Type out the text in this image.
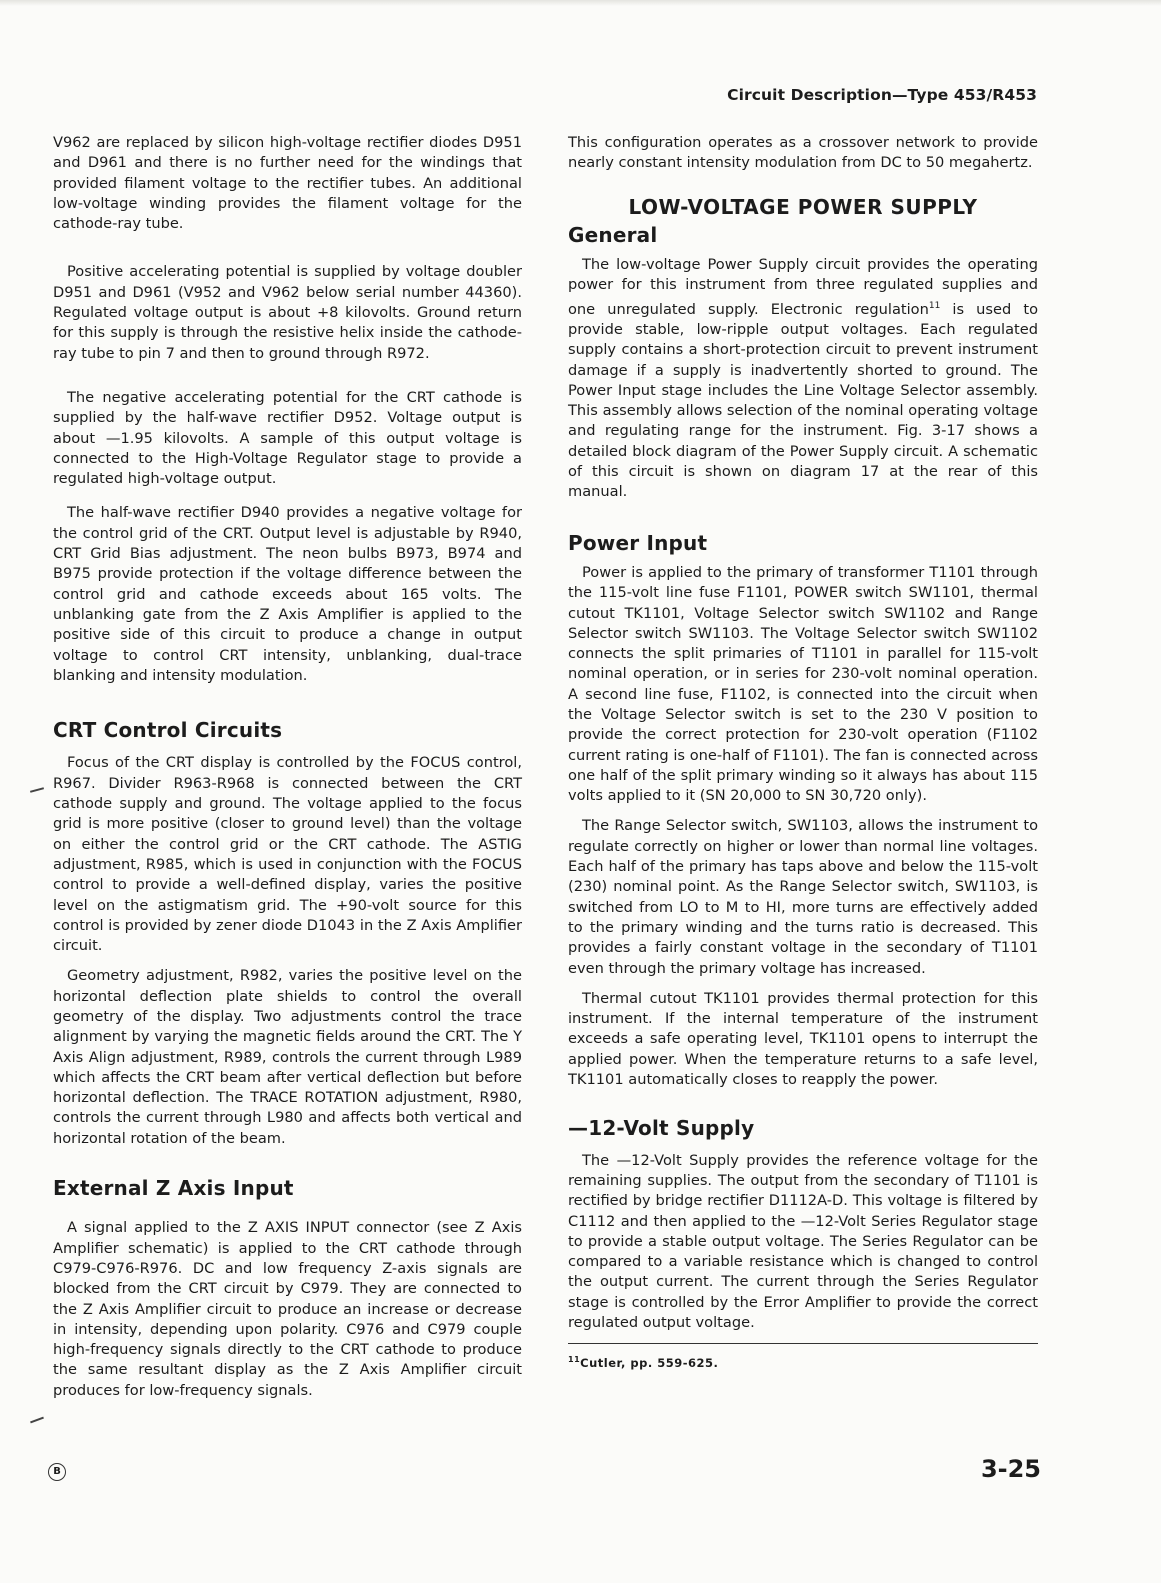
Circuit Description—Type 453/R453

V962 are replaced by silicon high-voltage rectifier diodes D951 and D961 and there is no further need for the windings that provided filament voltage to the rectifier tubes. An additional low-voltage winding provides the filament voltage for the cathode-ray tube.

Positive accelerating potential is supplied by voltage doubler D951 and D961 (V952 and V962 below serial number 44360). Regulated voltage output is about +8 kilovolts. Ground return for this supply is through the resistive helix inside the cathode-ray tube to pin 7 and then to ground through R972.

The negative accelerating potential for the CRT cathode is supplied by the half-wave rectifier D952. Voltage output is about —1.95 kilovolts. A sample of this output voltage is connected to the High-Voltage Regulator stage to provide a regulated high-voltage output.

The half-wave rectifier D940 provides a negative voltage for the control grid of the CRT. Output level is adjustable by R940, CRT Grid Bias adjustment. The neon bulbs B973, B974 and B975 provide protection if the voltage difference between the control grid and cathode exceeds about 165 volts. The unblanking gate from the Z Axis Amplifier is applied to the positive side of this circuit to produce a change in output voltage to control CRT intensity, unblanking, dual-trace blanking and intensity modulation.

CRT Control Circuits

Focus of the CRT display is controlled by the FOCUS control, R967. Divider R963-R968 is connected between the CRT cathode supply and ground. The voltage applied to the focus grid is more positive (closer to ground level) than the voltage on either the control grid or the CRT cathode. The ASTIG adjustment, R985, which is used in conjunction with the FOCUS control to provide a well-defined display, varies the positive level on the astigmatism grid. The +90-volt source for this control is provided by zener diode D1043 in the Z Axis Amplifier circuit.

Geometry adjustment, R982, varies the positive level on the horizontal deflection plate shields to control the overall geometry of the display. Two adjustments control the trace alignment by varying the magnetic fields around the CRT. The Y Axis Align adjustment, R989, controls the current through L989 which affects the CRT beam after vertical deflection but before horizontal deflection. The TRACE ROTATION adjustment, R980, controls the current through L980 and affects both vertical and horizontal rotation of the beam.

External Z Axis Input

A signal applied to the Z AXIS INPUT connector (see Z Axis Amplifier schematic) is applied to the CRT cathode through C979-C976-R976. DC and low frequency Z-axis signals are blocked from the CRT circuit by C979. They are connected to the Z Axis Amplifier circuit to produce an increase or decrease in intensity, depending upon polarity. C976 and C979 couple high-frequency signals directly to the CRT cathode to produce the same resultant display as the Z Axis Amplifier circuit produces for low-frequency signals.

This configuration operates as a crossover network to provide nearly constant intensity modulation from DC to 50 megahertz.

LOW-VOLTAGE POWER SUPPLY
General

The low-voltage Power Supply circuit provides the operating power for this instrument from three regulated supplies and one unregulated supply. Electronic regulation$^{11}$ is used to provide stable, low-ripple output voltages. Each regulated supply contains a short-protection circuit to prevent instrument damage if a supply is inadvertently shorted to ground. The Power Input stage includes the Line Voltage Selector assembly. This assembly allows selection of the nominal operating voltage and regulating range for the instrument. Fig. 3-17 shows a detailed block diagram of the Power Supply circuit. A schematic of this circuit is shown on diagram 17 at the rear of this manual.

Power Input

Power is applied to the primary of transformer T1101 through the 115-volt line fuse F1101, POWER switch SW1101, thermal cutout TK1101, Voltage Selector switch SW1102 and Range Selector switch SW1103. The Voltage Selector switch SW1102 connects the split primaries of T1101 in parallel for 115-volt nominal operation, or in series for 230-volt nominal operation. A second line fuse, F1102, is connected into the circuit when the Voltage Selector switch is set to the 230 V position to provide the correct protection for 230-volt operation (F1102 current rating is one-half of F1101). The fan is connected across one half of the split primary winding so it always has about 115 volts applied to it (SN 20,000 to SN 30,720 only).

The Range Selector switch, SW1103, allows the instrument to regulate correctly on higher or lower than normal line voltages. Each half of the primary has taps above and below the 115-volt (230) nominal point. As the Range Selector switch, SW1103, is switched from LO to M to HI, more turns are effectively added to the primary winding and the turns ratio is decreased. This provides a fairly constant voltage in the secondary of T1101 even through the primary voltage has increased.

Thermal cutout TK1101 provides thermal protection for this instrument. If the internal temperature of the instrument exceeds a safe operating level, TK1101 opens to interrupt the applied power. When the temperature returns to a safe level, TK1101 automatically closes to reapply the power.

—12-Volt Supply

The —12-Volt Supply provides the reference voltage for the remaining supplies. The output from the secondary of T1101 is rectified by bridge rectifier D1112A-D. This voltage is filtered by C1112 and then applied to the —12-Volt Series Regulator stage to provide a stable output voltage. The Series Regulator can be compared to a variable resistance which is changed to control the output current. The current through the Series Regulator stage is controlled by the Error Amplifier to provide the correct regulated output voltage.

$^{11}$Cutler, pp. 559-625.
B	3-25
